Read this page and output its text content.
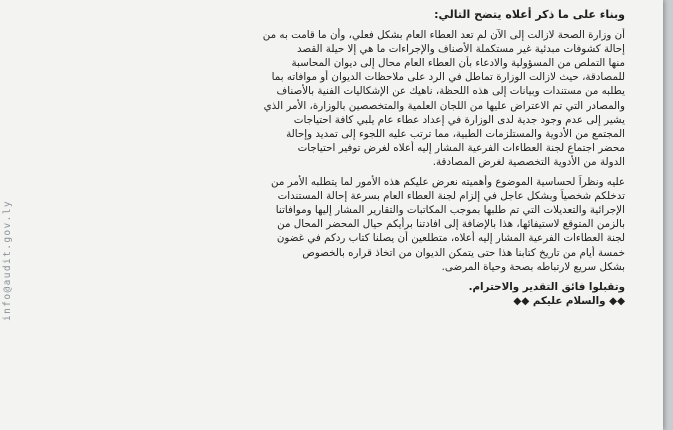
info@audit.gov.ly
وبناء على ما ذكر أعلاه يتضح التالي:
أن وزارة الصحة لازالت إلى الآن لم تعد العطاء العام بشكل فعلي، وأن ما قامت به من
إحالة كشوفات مبدئية غير مستكملة الأصناف والإجراءات ما هي إلا حيلة القصد
منها التملص من المسؤولية والادعاء بأن العطاء العام محال إلى ديوان المحاسبة
للمصادقة، حيث لازالت الوزارة تماطل في الرد على ملاحظات الديوان أو موافاته بما
يطلبه من مستندات وبيانات إلى هذه اللحظة، ناهيك عن الإشكاليات الفنية بالأصناف
والمصادر التي تم الاعتراض عليها من اللجان العلمية والمتخصصين بالوزارة، الأمر الذي
يشير إلى عدم وجود جدية لدى الوزارة في إعداد عطاء عام يلبي كافة احتياجات
المجتمع من الأدوية والمستلزمات الطبية، مما ترتب عليه اللجوء إلى تمديد وإحالة
محضر اجتماع لجنة العطاءات الفرعية المشار إليه أعلاه لغرض توفير احتياجات
الدولة من الأدوية التخصصية لغرض المصادقة.
عليه ونظراً لحساسية الموضوع وأهميته نعرض عليكم هذه الأمور لما يتطلبه الأمر من
تدخلكم شخصياً وبشكل عاجل في إلزام لجنة العطاء العام بسرعة إحالة المستندات
الإجرائية والتعديلات التي تم طلبها بموجب المكاتبات والتقارير المشار إليها وموافاتنا
بالزمن المتوقع لاستيفائها، هذا بالإضافة إلى افادتنا برأيكم حيال المحضر المحال من
لجنة العطاءات الفرعية المشار إليه أعلاه، متطلعين أن يصلنا كتاب ردكم في غضون
خمسة أيام من تاريخ كتابنا هذا حتى يتمكن الديوان من اتخاذ قراره بالخصوص
بشكل سريع لارتباطه بصحة وحياة المرضى.
وتقبلوا فائق التقدير والاحترام.
◆◆ والسلام عليكم ◆◆
